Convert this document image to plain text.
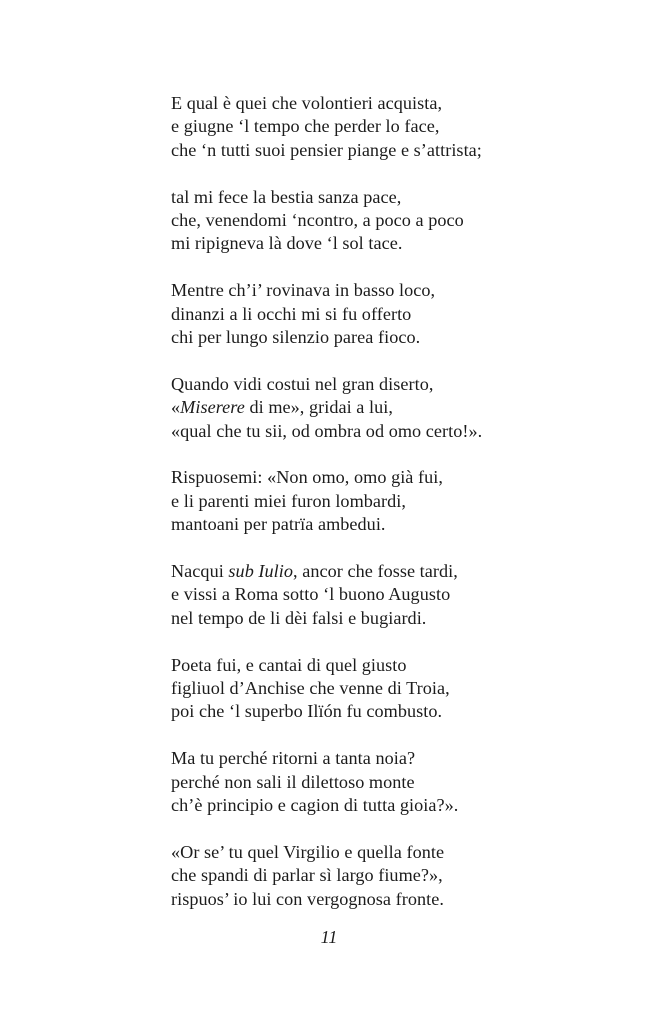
E qual è quei che volontieri acquista,
e giugne ‘l tempo che perder lo face,
che ‘n tutti suoi pensier piange e s’attrista;
tal mi fece la bestia sanza pace,
che, venendomi ‘ncontro, a poco a poco
mi ripigneva là dove ‘l sol tace.
Mentre ch’i’ rovinava in basso loco,
dinanzi a li occhi mi si fu offerto
chi per lungo silenzio parea fioco.
Quando vidi costui nel gran diserto,
«Miserere di me», gridai a lui,
«qual che tu sii, od ombra od omo certo!».
Rispuosemi: «Non omo, omo già fui,
e li parenti miei furon lombardi,
mantoani per patrïa ambedui.
Nacqui sub Iulio, ancor che fosse tardi,
e vissi a Roma sotto ‘l buono Augusto
nel tempo de li dèi falsi e bugiardi.
Poeta fui, e cantai di quel giusto
figliuol d’Anchise che venne di Troia,
poi che ‘l superbo Ilïón fu combusto.
Ma tu perché ritorni a tanta noia?
perché non sali il dilettoso monte
ch’è principio e cagion di tutta gioia?».
«Or se’ tu quel Virgilio e quella fonte
che spandi di parlar sì largo fiume?»,
rispuos’ io lui con vergognosa fronte.
11
